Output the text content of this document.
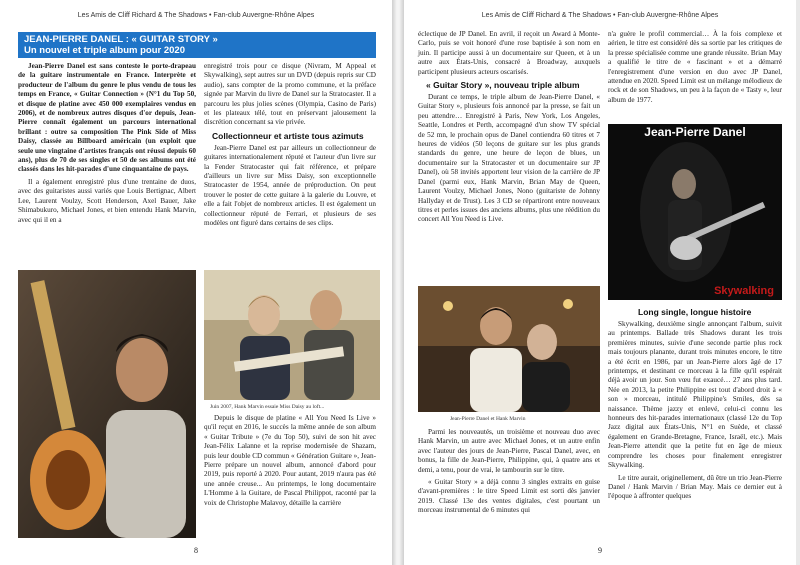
Les Amis de Cliff Richard & The Shadows • Fan-club Auvergne-Rhône Alpes
JEAN-PIERRE DANEL : « GUITAR STORY »
Un nouvel et triple album pour 2020

Jean-Pierre Danel est sans conteste le porte-drapeau de la guitare instrumentale en France. Interprète et producteur de l'album du genre le plus vendu de tous les temps en France, « Guitar Connection » (N°1 du Top 50, et disque de platine avec 450 000 exemplaires vendus en 2006), et de nombreux autres disques d'or depuis, Jean-Pierre connaît également un parcours international brillant : outre sa composition The Pink Side of Miss Daisy, classée au Billboard américain (un exploit que seule une vingtaine d'artistes français ont réussi depuis 60 ans), plus de 70 de ses singles et 50 de ses albums ont été classés dans les hit-parades d'une cinquantaine de pays.

Il a également enregistré plus d'une trentaine de duos, avec des guitaristes aussi variés que Louis Bertignac, Albert Lee, Laurent Voulzy, Scott Henderson, Axel Bauer, Jake Shimabukuro, Michael Jones, et bien entendu Hank Marvin, avec qui il en a

enregistré trois pour ce disque (Nivram, M Appeal et Skywalking), sept autres sur un DVD (depuis repris sur CD audio), sans compter de la promo commune, et la préface signée par Marvin du livre de Danel sur la Stratocaster. Il a parcouru les plus jolies scènes (Olympia, Casino de Paris) et les plateaux télé, tout en préservant jalousement la discrétion concernant sa vie privée.

Collectionneur et artiste tous azimuts

Jean-Pierre Danel est par ailleurs un collectionneur de guitares internationalement réputé et l'auteur d'un livre sur la Fender Stratocaster qui fait référence, et prépare d'ailleurs un livre sur Miss Daisy, son exceptionnelle Stratocaster de 1954, année de préproduction. On peut trouver le poster de cette guitare à la galerie du Louvre, et elle a fait l'objet de nombreux articles. Il est également un collectionneur réputé de Ferrari, et plusieurs de ses modèles ont figuré dans certains de ses clips.

Juin 2007, Hank Marvin essaie Miss Daisy au loft...

Depuis le disque de platine « All You Need Is Live » qu'il reçut en 2016, le succès la même année de son album « Guitar Tribute » (7e du Top 50), suivi de son hit avec Jean-Félix Lalanne et la reprise modernisée de Shazam, puis leur double CD commun « Génération Guitare », Jean-Pierre prépare un nouvel album, annoncé d'abord pour 2019, puis reporté à 2020. Pour autant, 2019 n'aura pas été une année creuse... Au printemps, le long documentaire L'Homme à la Guitare, de Pascal Philippot, raconté par la voix de Christophe Malavoy, détaille la carrière

8
Les Amis de Cliff Richard & The Shadows • Fan-club Auvergne-Rhône Alpes

éclectique de JP Danel. En avril, il reçoit un Award à Monte-Carlo, puis se voit honoré d'une rose baptisée à son nom en juin. Il participe aussi à un documentaire sur Queen, et à un autre aux États-Unis, consacré à Broadway, auxquels participent plusieurs acteurs oscarisés.

« Guitar Story », nouveau triple album

Durant ce temps, le triple album de Jean-Pierre Danel, « Guitar Story », plusieurs fois annoncé par la presse, se fait un peu attendre… Enregistré à Paris, New York, Los Angeles, Seattle, Londres et Perth, accompagné d'un show TV spécial de 52 mn, le prochain opus de Danel contiendra 60 titres et 7 heures de vidéos (50 leçons de guitare sur les plus grands standards du genre, une heure de leçon de blues, un documentaire sur la Stratocaster et un documentaire sur JP Danel), où 58 invités apportent leur vision de la carrière de JP Danel (parmi eux, Hank Marvin, Brian May de Queen, Laurent Voulzy, Michael Jones, Nono (guitariste de Johnny Hallyday et de Trust). Les 3 CD se répartiront entre nouveaux titres et perles issues des anciens albums, plus une réédition du concert All You Need is Live.

Jean-Pierre Danel et Hank Marvin

Parmi les nouveautés, un troisième et nouveau duo avec Hank Marvin, un autre avec Michael Jones, et un autre enfin avec l'auteur des jours de Jean-Pierre, Pascal Danel, avec, en bonus, la fille de Jean-Pierre, Philippine, qui, à quatre ans et demi, a tenu, pour de vrai, le tambourin sur le titre.

« Guitar Story » a déjà connu 3 singles extraits en guise d'avant-premières : le titre Speed Limit est sorti dès janvier 2019. Classé 13e des ventes digitales, c'est pourtant un morceau instrumental de 6 minutes qui

n'a guère le profil commercial… À la fois complexe et aérien, le titre est considéré dès sa sortie par les critiques de la presse spécialisée comme une grande réussite. Brian May a qualifié le titre de « fascinant » et a démarré l'enregistrement d'une version en duo avec JP Danel, attendue en 2020. Speed Limit est un mélange mélodieux de rock et de son Shadows, un peu à la façon de « Tasty », leur album de 1977.

Jean-Pierre Danel
Skywalking
Long single, longue histoire

Skywalking, deuxième single annonçant l'album, suivit au printemps. Ballade très Shadows durant les trois premières minutes, suivie d'une seconde partie plus rock mais toujours planante, durant trois minutes encore, le titre a été écrit en 1986, par un Jean-Pierre alors âgé de 17 printemps, et destinant ce morceau à la fille qu'il espérait déjà avoir un jour. Son vœu fut exaucé… 27 ans plus tard. Née en 2013, la petite Philippine est tout d'abord droit à « son » morceau, intitulé Philippine's Smiles, dès sa naissance. Thème jazzy et enlevé, celui-ci connu les honneurs des hit-parades internationaux (classé 12e du Top Jazz digital aux États-Unis, N°1 en Suède, et classé également en Grande-Bretagne, France, Israël, etc.). Mais Jean-Pierre attendit que la petite fut en âge de mieux comprendre les choses pour finalement enregistrer Skywalking.

Le titre aurait, originellement, dû être un trio Jean-Pierre Danel / Hank Marvin / Brian May. Mais ce dernier eut à l'époque à affronter quelques

9
